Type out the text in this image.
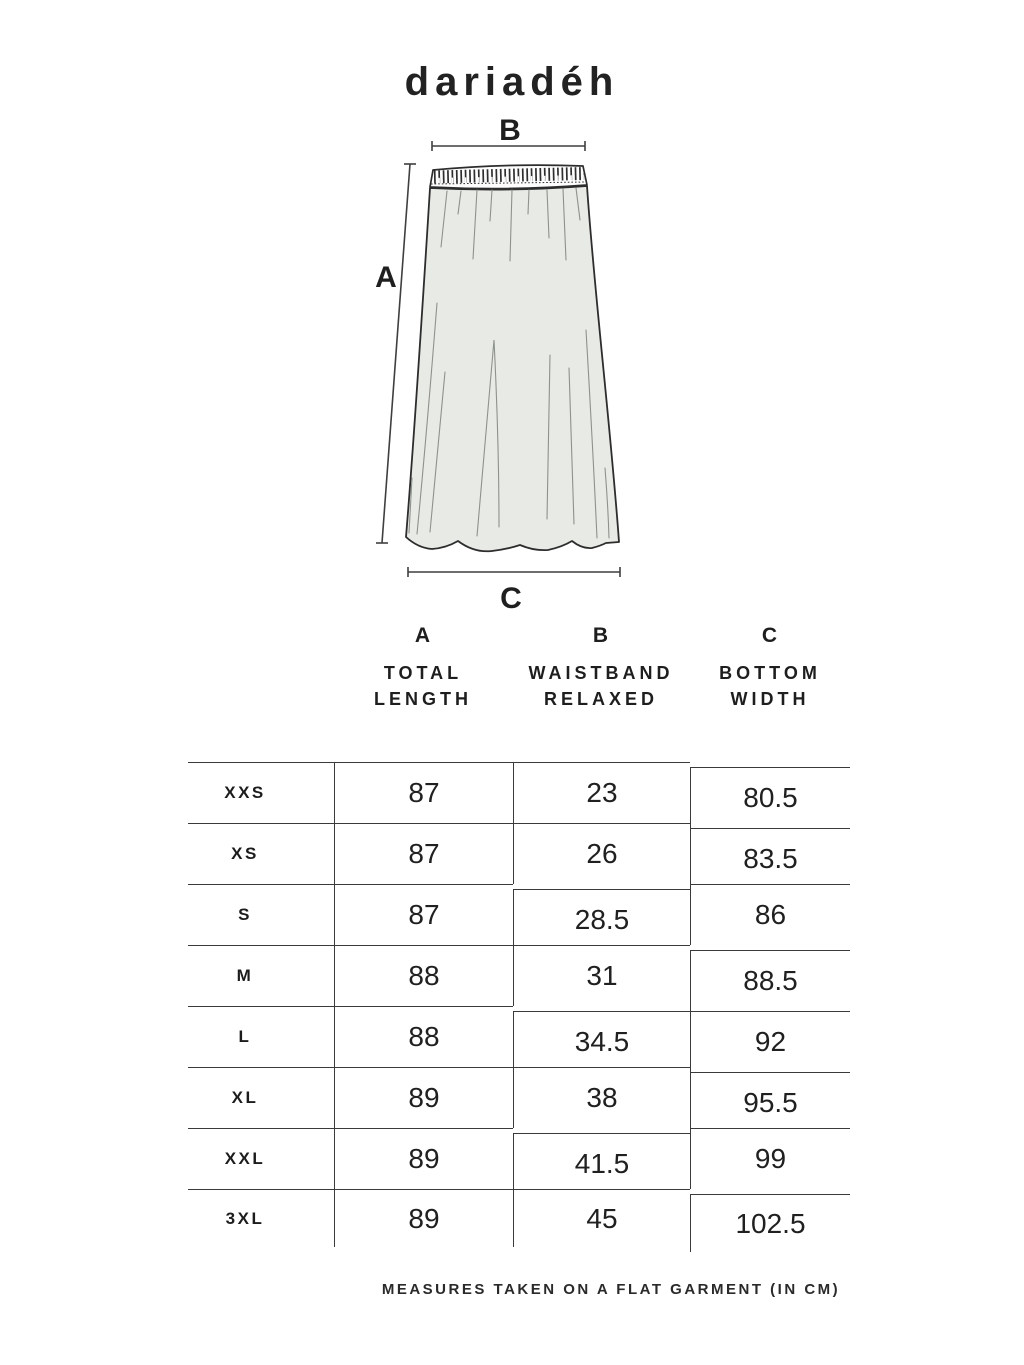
dariadéh
B
A
C
A
TOTAL
LENGTH
B
WAISTBAND
RELAXED
C
BOTTOM
WIDTH
XXS	87	23	80.5
XS	87	26	83.5
S	87	28.5	86
M	88	31	88.5
L	88	34.5	92
XL	89	38	95.5
XXL	89	41.5	99
3XL	89	45	102.5
MEASURES TAKEN ON A FLAT GARMENT (IN CM)
